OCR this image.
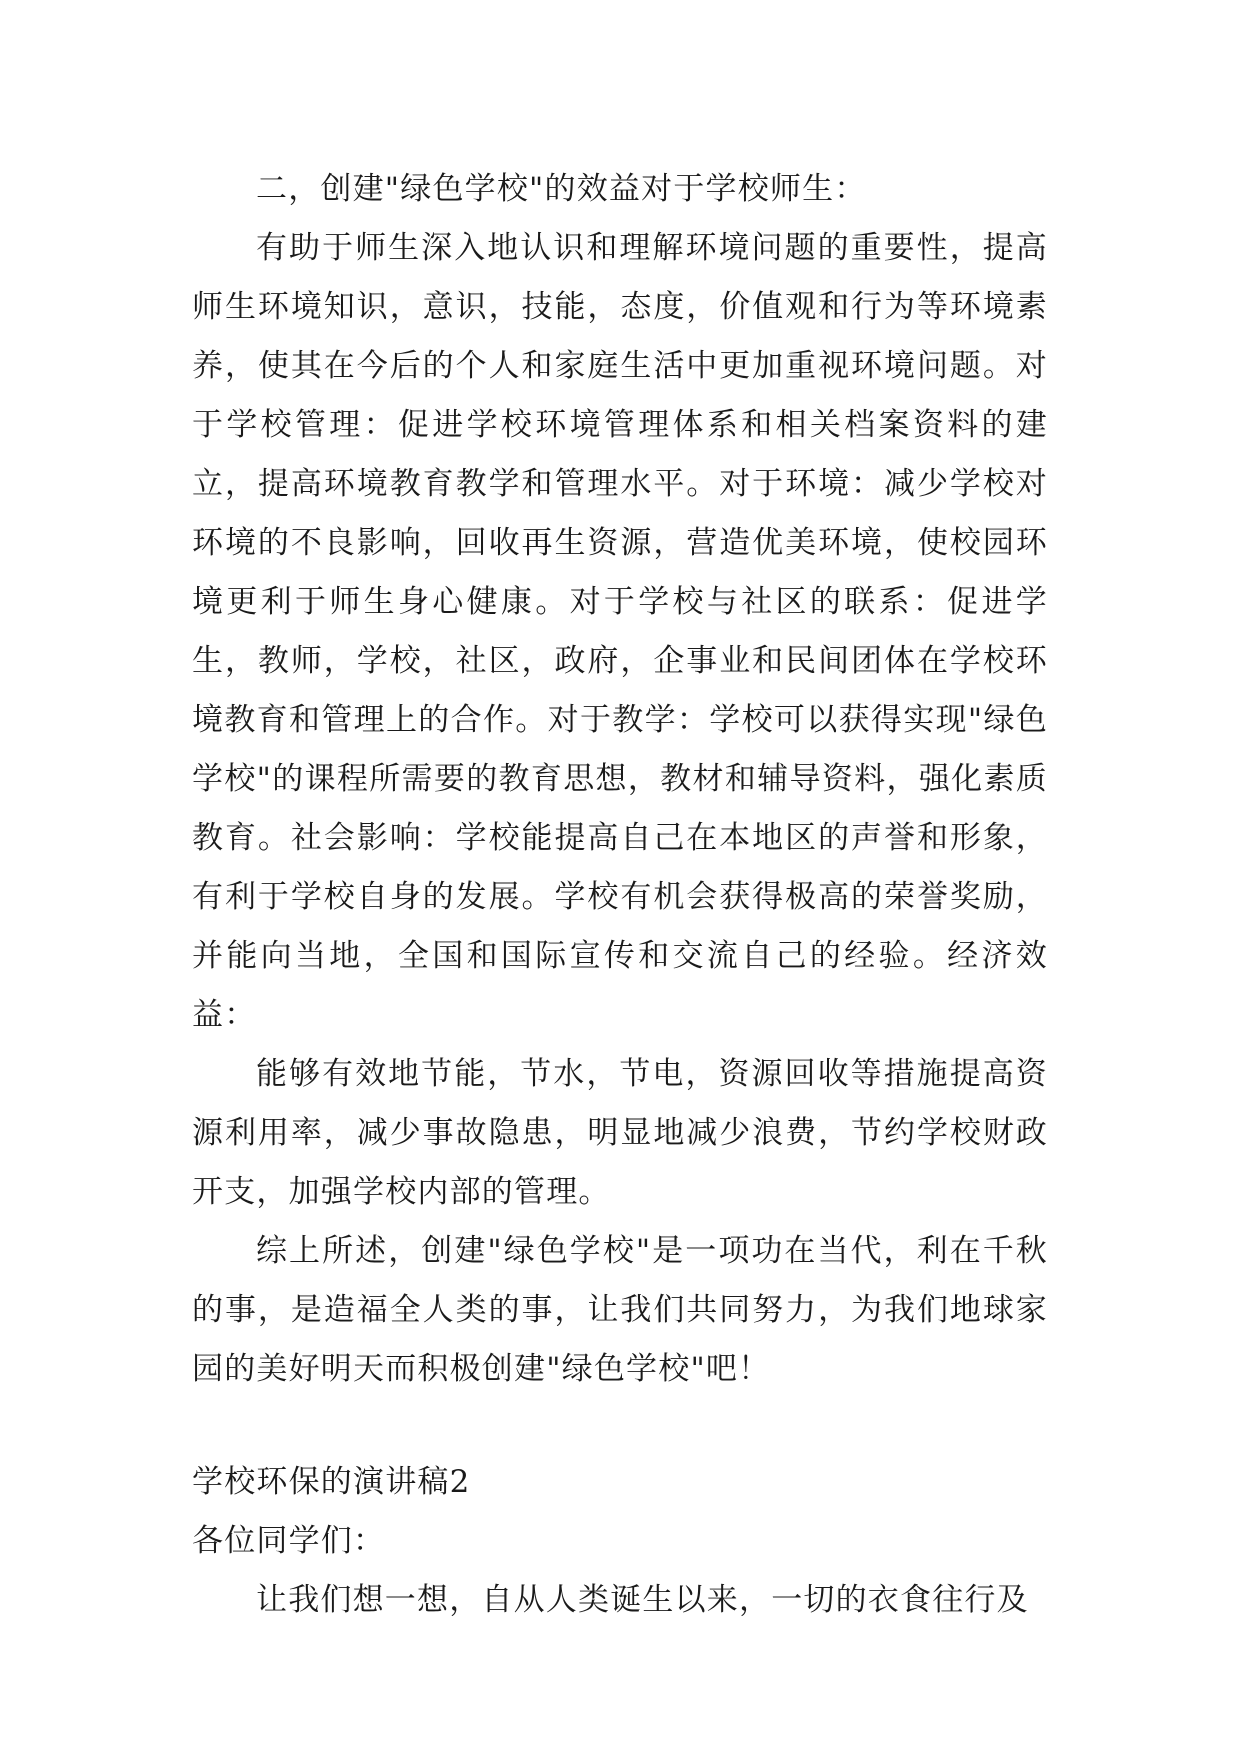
二，创建"绿色学校"的效益对于学校师生：

有助于师生深入地认识和理解环境问题的重要性，提高师生环境知识，意识，技能，态度，价值观和行为等环境素养，使其在今后的个人和家庭生活中更加重视环境问题。对于学校管理：促进学校环境管理体系和相关档案资料的建立，提高环境教育教学和管理水平。对于环境：减少学校对环境的不良影响，回收再生资源，营造优美环境，使校园环境更利于师生身心健康。对于学校与社区的联系：促进学生，教师，学校，社区，政府，企事业和民间团体在学校环境教育和管理上的合作。对于教学：学校可以获得实现"绿色学校"的课程所需要的教育思想，教材和辅导资料，强化素质教育。社会影响：学校能提高自己在本地区的声誉和形象，有利于学校自身的发展。学校有机会获得极高的荣誉奖励，并能向当地，全国和国际宣传和交流自己的经验。经济效益：

能够有效地节能，节水，节电，资源回收等措施提高资源利用率，减少事故隐患，明显地减少浪费，节约学校财政开支，加强学校内部的管理。

综上所述，创建"绿色学校"是一项功在当代，利在千秋的事，是造福全人类的事，让我们共同努力，为我们地球家园的美好明天而积极创建"绿色学校"吧！

学校环保的演讲稿2

各位同学们：

让我们想一想，自从人类诞生以来，一切的衣食往行及
